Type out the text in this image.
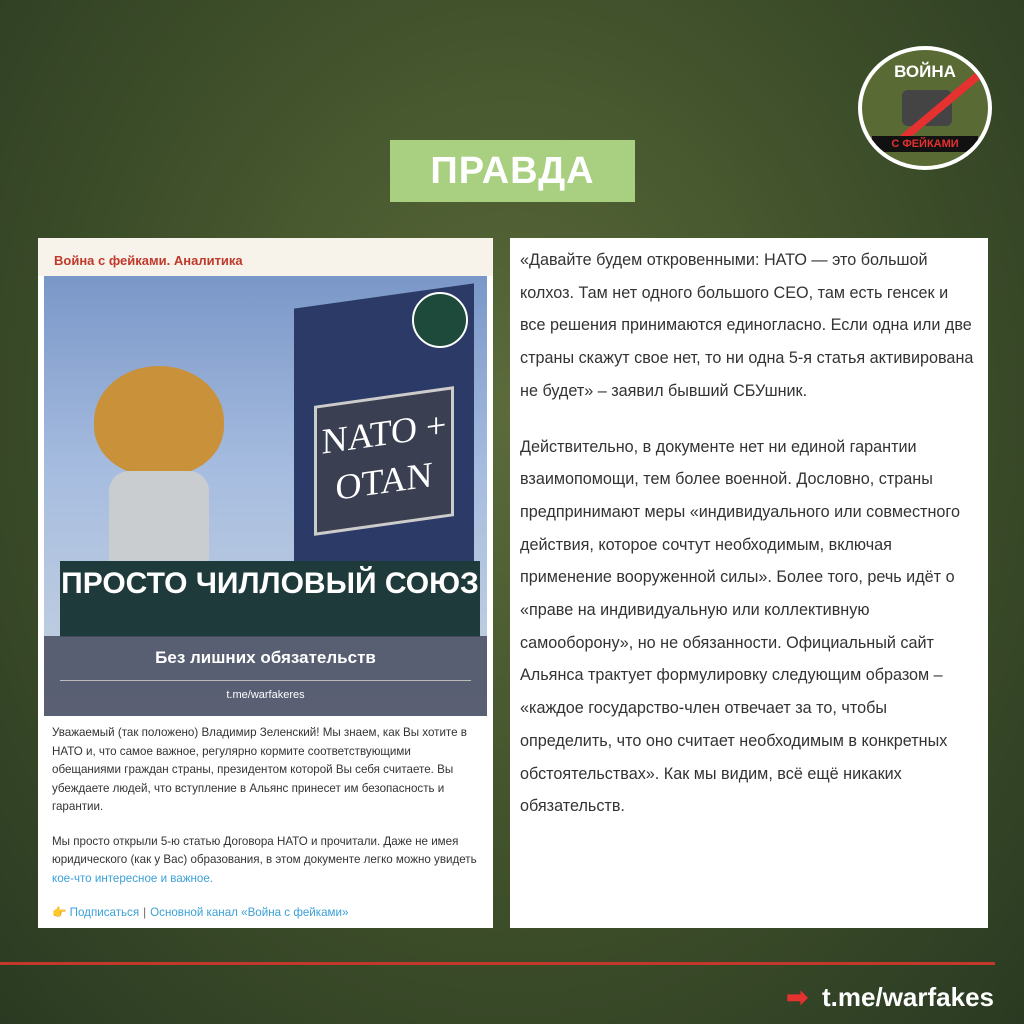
ВОЙНА
С ФЕЙКАМИ
ПРАВДА
Война с фейками. Аналитика
NATO + OTAN
ПРОСТО ЧИЛЛОВЫЙ СОЮЗ
Без лишних обязательств
t.me/warfakeres

Уважаемый (так положено) Владимир Зеленский! Мы знаем, как Вы хотите в НАТО и, что самое важное, регулярно кормите соответствующими обещаниями граждан страны, президентом которой Вы себя считаете. Вы убеждаете людей, что вступление в Альянс принесет им безопасность и гарантии.

Мы просто открыли 5-ю статью Договора НАТО и прочитали. Даже не имея юридического (как у Вас) образования, в этом документе легко можно увидеть кое-что интересное и важное.

👉 Подписаться | Основной канал «Война с фейками»

«Давайте будем откровенными: НАТО — это большой колхоз. Там нет одного большого CEO, там есть генсек и все решения принимаются единогласно. Если одна или две страны скажут свое нет, то ни одна 5-я статья активирована не будет» – заявил бывший СБУшник.

Действительно, в документе нет ни единой гарантии взаимопомощи, тем более военной. Дословно, страны предпринимают меры «индивидуального или совместного действия, которое сочтут необходимым, включая применение вооруженной силы». Более того, речь идёт о «праве на индивидуальную или коллективную самооборону», но не обязанности. Официальный сайт Альянса трактует формулировку следующим образом – «каждое государство-член отвечает за то, чтобы определить, что оно считает необходимым в конкретных обстоятельствах». Как мы видим, всё ещё никаких обязательств.

➡ t.me/warfakes
